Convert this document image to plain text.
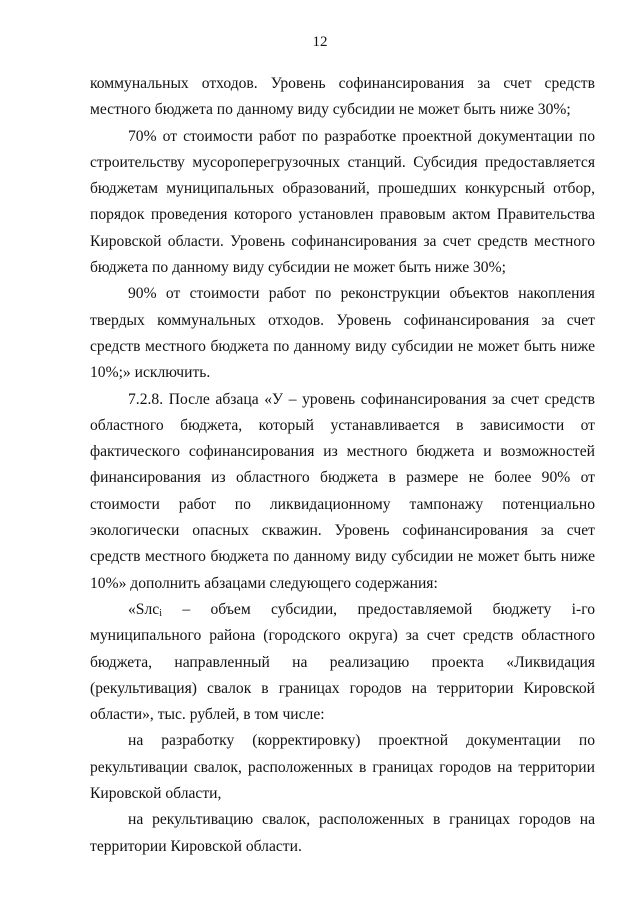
12

коммунальных отходов. Уровень софинансирования за счет средств местного бюджета по данному виду субсидии не может быть ниже 30%;

70% от стоимости работ по разработке проектной документации по строительству мусороперегрузочных станций. Субсидия предоставляется бюджетам муниципальных образований, прошедших конкурсный отбор, порядок проведения которого установлен правовым актом Правительства Кировской области. Уровень софинансирования за счет средств местного бюджета по данному виду субсидии не может быть ниже 30%;

90% от стоимости работ по реконструкции объектов накопления твердых коммунальных отходов. Уровень софинансирования за счет средств местного бюджета по данному виду субсидии не может быть ниже 10%;» исключить.

7.2.8. После абзаца «У – уровень софинансирования за счет средств областного бюджета, который устанавливается в зависимости от фактического софинансирования из местного бюджета и возможностей финансирования из областного бюджета в размере не более 90% от стоимости работ по ликвидационному тампонажу потенциально экологически опасных скважин. Уровень софинансирования за счет средств местного бюджета по данному виду субсидии не может быть ниже 10%» дополнить абзацами следующего содержания:

«Sлс$_i$ – объем субсидии, предоставляемой бюджету i-го муниципального района (городского округа) за счет средств областного бюджета, направленный на реализацию проекта «Ликвидация (рекультивация) свалок в границах городов на территории Кировской области», тыс. рублей, в том числе:

на разработку (корректировку) проектной документации по рекультивации свалок, расположенных в границах городов на территории Кировской области,

на рекультивацию свалок, расположенных в границах городов на территории Кировской области.
